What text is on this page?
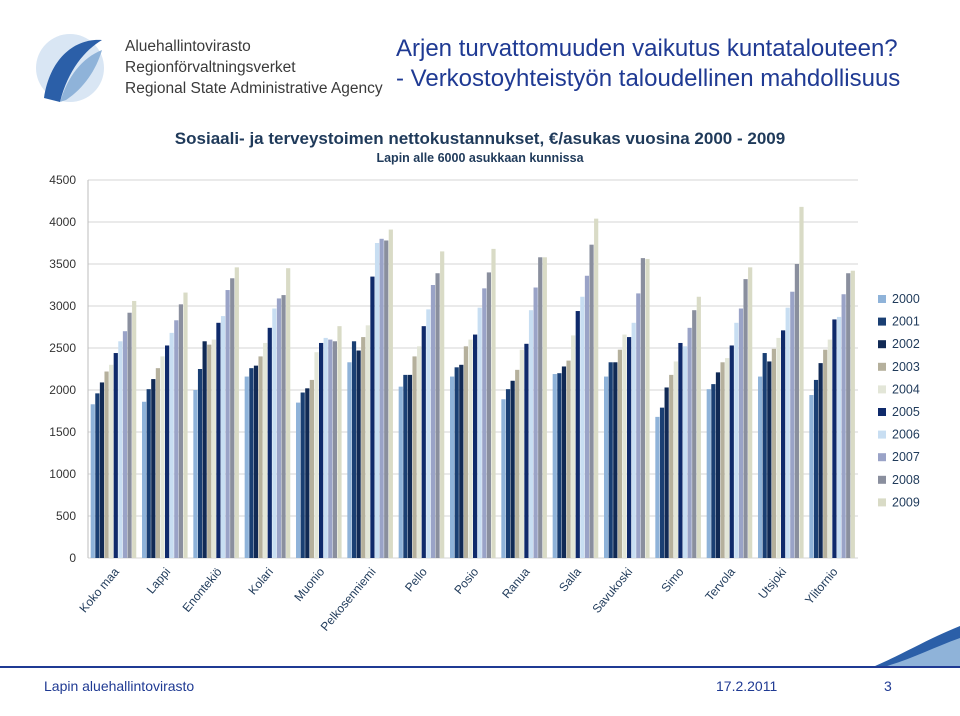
Aluehallintovirasto
Regionförvaltningsverket
Regional State Administrative Agency
Arjen turvattomuuden vaikutus kuntatalouteen?
- Verkostoyhteistyön taloudellinen mahdollisuus
Sosiaali- ja terveystoimen nettokustannukset, €/asukas vuosina 2000 - 2009
Lapin alle 6000 asukkaan kunnissa
0
500
1000
1500
2000
2500
3000
3500
4000
4500
Koko maa Lappi Enontekiö Kolari Muonio
Pelkosenniemi Pello Posio Ranua Salla Savukoski Simo Tervola Utsjoki Ylitornio
2000
2001
2002
2003
2004
2005
2006
2007
2008
2009
Lapin aluehallintovirasto	17.2.2011	3
